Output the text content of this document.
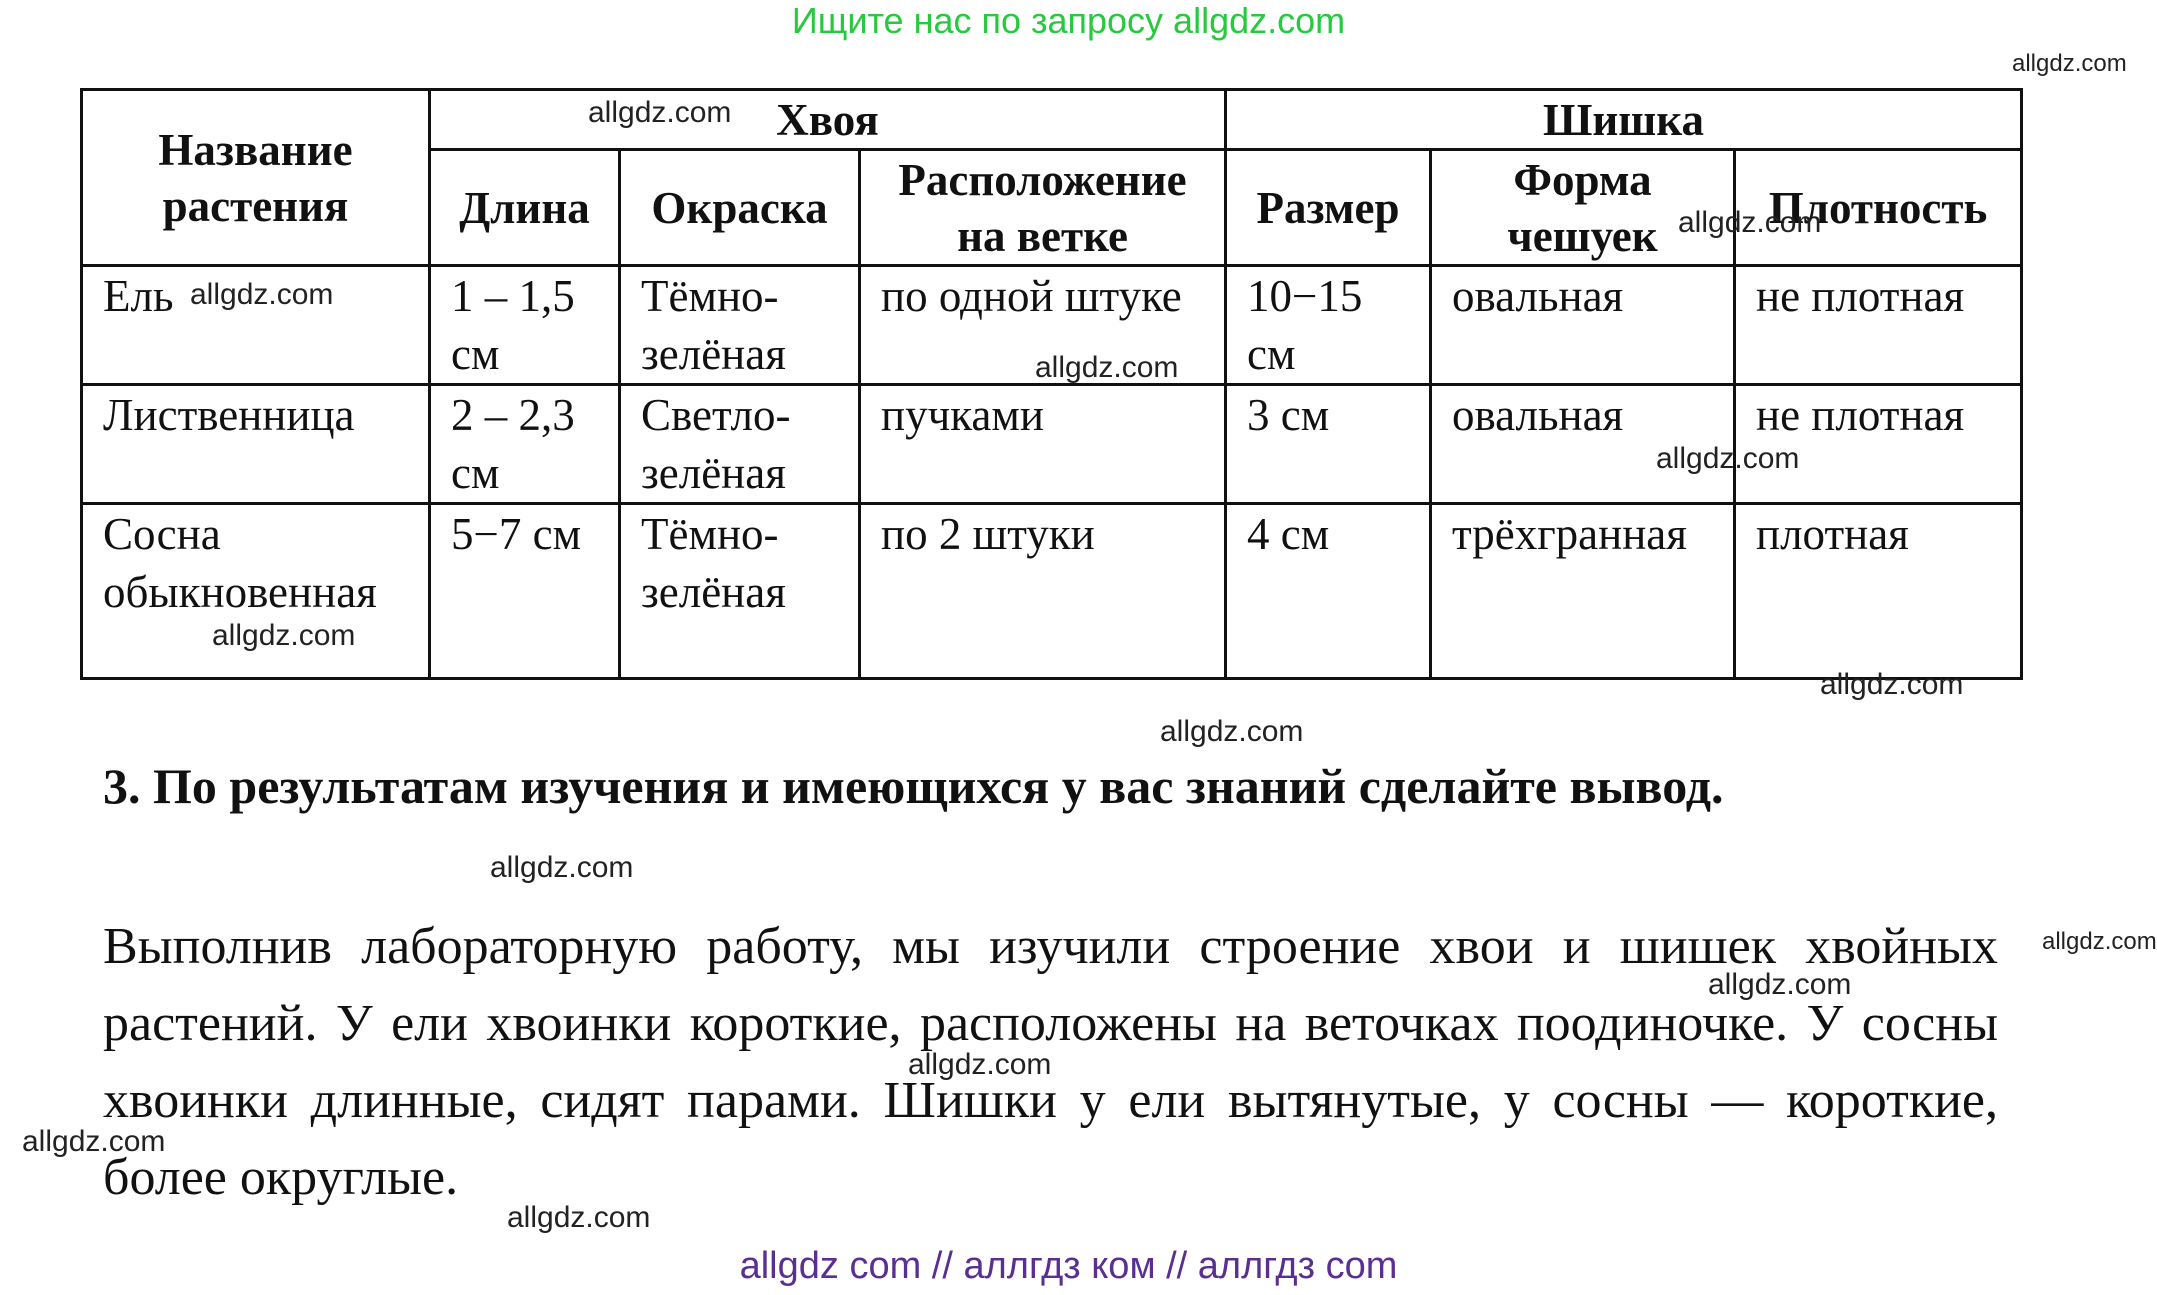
Ищите нас по запросу allgdz.com
Название растения	Хвоя			Шишка		
	Длина	Окраска	Расположение на ветке	Размер	Форма чешуек	Плотность
Ель	1 – 1,5 см	Тёмно-зелёная	по одной штуке	10−15 см	овальная	не плотная
Лиственница	2 – 2,3 см	Светло-зелёная	пучками	3 см	овальная	не плотная
Сосна обыкновенная	5−7 см	Тёмно-зелёная	по 2 штуки	4 см	трёхгранная	плотная
3. По результатам изучения и имеющихся у вас знаний сделайте вывод.
Выполнив лабораторную работу, мы изучили строение хвои и шишек хвойных растений. У ели хвоинки короткие, расположены на веточках поодиночке. У сосны хвоинки длинные, сидят парами. Шишки у ели вытянутые, у сосны — короткие, более округлые.
allgdz com // аллгдз ком // аллгдз com
allgdz.com
allgdz.com
allgdz.com
allgdz.com
allgdz.com
allgdz.com
allgdz.com
allgdz.com
allgdz.com
allgdz.com
allgdz.com
allgdz.com
allgdz.com
allgdz.com
allgdz.com
